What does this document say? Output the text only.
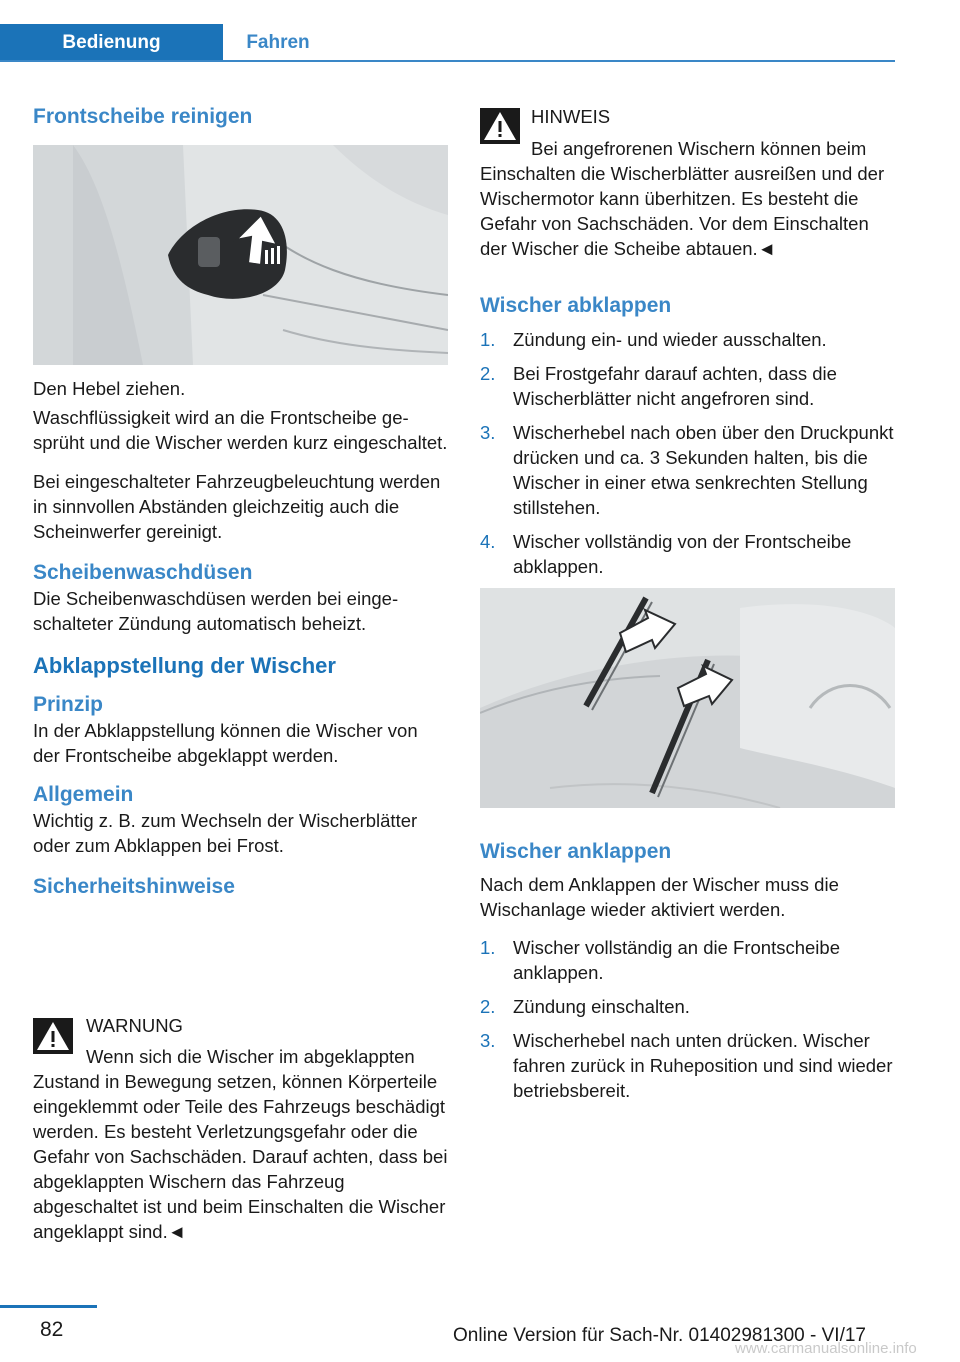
Bedienung	Fahren
Frontscheibe reinigen

Den Hebel ziehen.

Waschflüssigkeit wird an die Frontscheibe gesprüht und die Wischer werden kurz eingeschaltet.

Bei eingeschalteter Fahrzeugbeleuchtung werden in sinnvollen Abständen gleichzeitig auch die Scheinwerfer gereinigt.

Scheibenwaschdüsen

Die Scheibenwaschdüsen werden bei eingeschalteter Zündung automatisch beheizt.

Abklappstellung der Wischer
Prinzip

In der Abklappstellung können die Wischer von der Frontscheibe abgeklappt werden.

Allgemein

Wichtig z. B. zum Wechseln der Wischerblätter oder zum Abklappen bei Frost.

Sicherheitshinweise

WARNUNG

Wenn sich die Wischer im abgeklappten Zustand in Bewegung setzen, können Körperteile eingeklemmt oder Teile des Fahrzeugs beschädigt werden. Es besteht Verletzungsgefahr oder die Gefahr von Sachschäden. Darauf achten, dass bei abgeklappten Wischern das Fahrzeug abgeschaltet ist und beim Einschalten die Wischer angeklappt sind.◄

HINWEIS

Bei angefrorenen Wischern können beim Einschalten die Wischerblätter ausreißen und der Wischermotor kann überhitzen. Es besteht die Gefahr von Sachschäden. Vor dem Einschalten der Wischer die Scheibe abtauen.◄

Wischer abklappen
1. Zündung ein- und wieder ausschalten.
2. Bei Frostgefahr darauf achten, dass die Wischerblätter nicht angefroren sind.
3. Wischerhebel nach oben über den Druckpunkt drücken und ca. 3 Sekunden halten, bis die Wischer in einer etwa senkrechten Stellung stillstehen.
4. Wischer vollständig von der Frontscheibe abklappen.
Wischer anklappen

Nach dem Anklappen der Wischer muss die Wischanlage wieder aktiviert werden.

1. Wischer vollständig an die Frontscheibe anklappen.
2. Zündung einschalten.
3. Wischerhebel nach unten drücken. Wischer fahren zurück in Ruheposition und sind wieder betriebsbereit.
82	Online Version für Sach-Nr. 01402981300 - VI/17
www.carmanualsonline.info
